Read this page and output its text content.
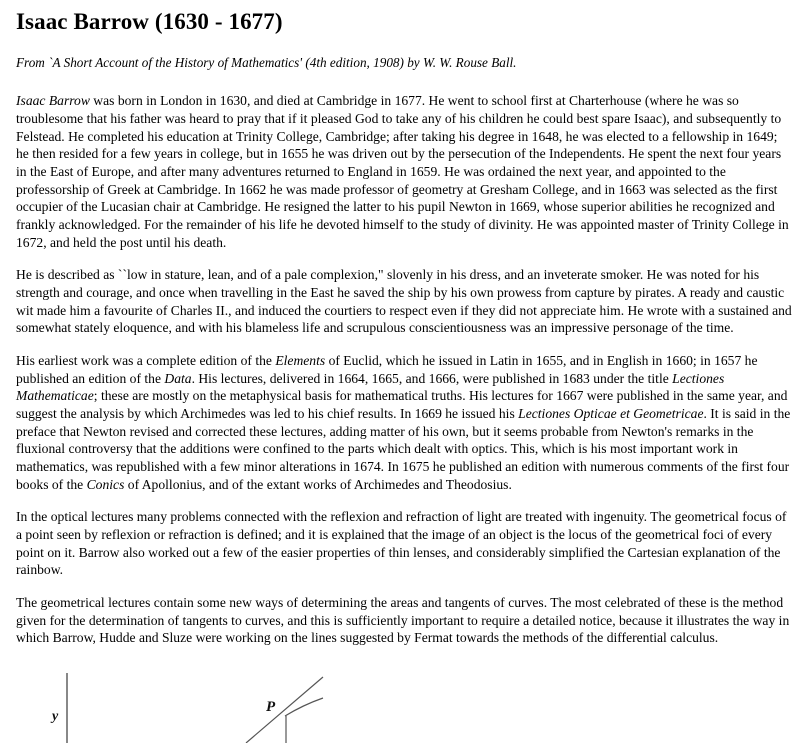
Isaac Barrow (1630 - 1677)
From `A Short Account of the History of Mathematics' (4th edition, 1908) by W. W. Rouse Ball.

Isaac Barrow was born in London in 1630, and died at Cambridge in 1677. He went to school first at Charterhouse (where he was so troublesome that his father was heard to pray that if it pleased God to take any of his children he could best spare Isaac), and subsequently to Felstead. He completed his education at Trinity College, Cambridge; after taking his degree in 1648, he was elected to a fellowship in 1649; he then resided for a few years in college, but in 1655 he was driven out by the persecution of the Independents. He spent the next four years in the East of Europe, and after many adventures returned to England in 1659. He was ordained the next year, and appointed to the professorship of Greek at Cambridge. In 1662 he was made professor of geometry at Gresham College, and in 1663 was selected as the first occupier of the Lucasian chair at Cambridge. He resigned the latter to his pupil Newton in 1669, whose superior abilities he recognized and frankly acknowledged. For the remainder of his life he devoted himself to the study of divinity. He was appointed master of Trinity College in 1672, and held the post until his death.

He is described as ``low in stature, lean, and of a pale complexion," slovenly in his dress, and an inveterate smoker. He was noted for his strength and courage, and once when travelling in the East he saved the ship by his own prowess from capture by pirates. A ready and caustic wit made him a favourite of Charles II., and induced the courtiers to respect even if they did not appreciate him. He wrote with a sustained and somewhat stately eloquence, and with his blameless life and scrupulous conscientiousness was an impressive personage of the time.

His earliest work was a complete edition of the Elements of Euclid, which he issued in Latin in 1655, and in English in 1660; in 1657 he published an edition of the Data. His lectures, delivered in 1664, 1665, and 1666, were published in 1683 under the title Lectiones Mathematicae; these are mostly on the metaphysical basis for mathematical truths. His lectures for 1667 were published in the same year, and suggest the analysis by which Archimedes was led to his chief results. In 1669 he issued his Lectiones Opticae et Geometricae. It is said in the preface that Newton revised and corrected these lectures, adding matter of his own, but it seems probable from Newton's remarks in the fluxional controversy that the additions were confined to the parts which dealt with optics. This, which is his most important work in mathematics, was republished with a few minor alterations in 1674. In 1675 he published an edition with numerous comments of the first four books of the Conics of Apollonius, and of the extant works of Archimedes and Theodosius.

In the optical lectures many problems connected with the reflexion and refraction of light are treated with ingenuity. The geometrical focus of a point seen by reflexion or refraction is defined; and it is explained that the image of an object is the locus of the geometrical foci of every point on it. Barrow also worked out a few of the easier properties of thin lenses, and considerably simplified the Cartesian explanation of the rainbow.

The geometrical lectures contain some new ways of determining the areas and tangents of curves. The most celebrated of these is the method given for the determination of tangents to curves, and this is sufficiently important to require a detailed notice, because it illustrates the way in which Barrow, Hudde and Sluze were working on the lines suggested by Fermat towards the methods of the differential calculus.

y
P
